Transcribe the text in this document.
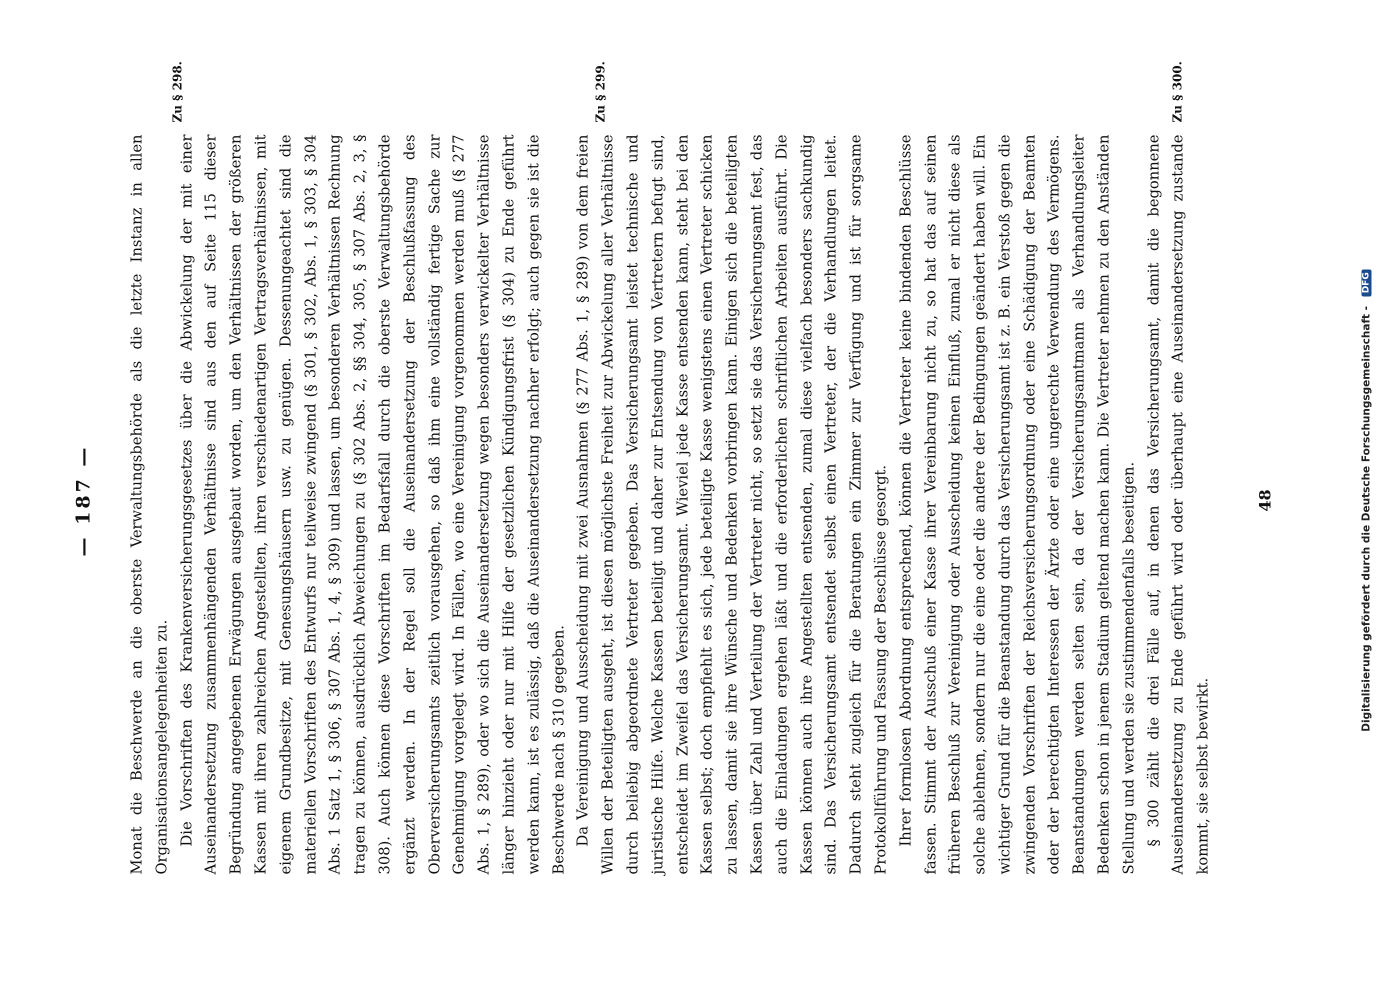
— 187 —
Zu § 298.	Zu § 299.	Zu § 300.

Monat die Beschwerde an die oberste Verwaltungsbehörde als die letzte Instanz in allen Organisationsangelegenheiten zu. Die Vorschriften des Krankenversicherungsgesetzes über die Abwickelung der mit einer Auseinandersetzung zusammenhängenden Verhältnisse sind aus den auf Seite 115 dieser Begründung angegebenen Erwägungen ausgebaut worden, um den Verhältnissen der größeren Kassen mit ihren zahlreichen Angestellten, ihren verschiedenartigen Vertragsverhältnissen, mit eigenem Grundbesitze, mit Genesungshäusern usw. zu genügen. Dessenungeachtet sind die materiellen Vorschriften des Entwurfs nur teilweise zwingend (§ 301, § 302, Abs. 1, § 303, § 304 Abs. 1 Satz 1, § 306, § 307 Abs. 1, 4, § 309) und lassen, um besonderen Verhältnissen Rechnung tragen zu können, ausdrücklich Abweichungen zu (§ 302 Abs. 2, §§ 304, 305, § 307 Abs. 2, 3, § 308). Auch können diese Vorschriften im Bedarfsfall durch die oberste Verwaltungsbehörde ergänzt werden. In der Regel soll die Auseinandersetzung der Beschlußfassung des Oberversicherungsamts zeitlich vorausgehen, so daß ihm eine vollständig fertige Sache zur Genehmigung vorgelegt wird. In Fällen, wo eine Vereinigung vorgenommen werden muß (§ 277 Abs. 1, § 289), oder wo sich die Auseinandersetzung wegen besonders verwickelter Verhältnisse länger hinzieht oder nur mit Hilfe der gesetzlichen Kündigungsfrist (§ 304) zu Ende geführt werden kann, ist es zulässig, daß die Auseinandersetzung nachher erfolgt; auch gegen sie ist die Beschwerde nach § 310 gegeben. Da Vereinigung und Ausscheidung mit zwei Ausnahmen (§ 277 Abs. 1, § 289) von dem freien Willen der Beteiligten ausgeht, ist diesen möglichste Freiheit zur Abwickelung aller Verhältnisse durch beliebig abgeordnete Vertreter gegeben. Das Versicherungsamt leistet technische und juristische Hilfe. Welche Kassen beteiligt und daher zur Entsendung von Vertretern befugt sind, entscheidet im Zweifel das Versicherungsamt. Wieviel jede Kasse entsenden kann, steht bei den Kassen selbst; doch empfiehlt es sich, jede beteiligte Kasse wenigstens einen Vertreter schicken zu lassen, damit sie ihre Wünsche und Bedenken vorbringen kann. Einigen sich die beteiligten Kassen über Zahl und Verteilung der Vertreter nicht, so setzt sie das Versicherungsamt fest, das auch die Einladungen ergehen läßt und die erforderlichen schriftlichen Arbeiten ausführt. Die Kassen können auch ihre Angestellten entsenden, zumal diese vielfach besonders sachkundig sind. Das Versicherungsamt entsendet selbst einen Vertreter, der die Verhandlungen leitet. Dadurch steht zugleich für die Beratungen ein Zimmer zur Verfügung und ist für sorgsame Protokollführung und Fassung der Beschlüsse gesorgt. Ihrer formlosen Abordnung entsprechend, können die Vertreter keine bindenden Beschlüsse fassen. Stimmt der Ausschuß einer Kasse ihrer Vereinbarung nicht zu, so hat das auf seinen früheren Beschluß zur Vereinigung oder Ausscheidung keinen Einfluß, zumal er nicht diese als solche ablehnen, sondern nur die eine oder die andere der Bedingungen geändert haben will. Ein wichtiger Grund für die Beanstandung durch das Versicherungsamt ist z. B. ein Verstoß gegen die zwingenden Vorschriften der Reichsversicherungsordnung oder eine Schädigung der Beamten oder der berechtigten Interessen der Ärzte oder eine ungerechte Verwendung des Vermögens. Beanstandungen werden selten sein, da der Versicherungsamtmann als Verhandlungsleiter Bedenken schon in jenem Stadium geltend machen kann. Die Vertreter nehmen zu den Anständen Stellung und werden sie zustimmendenfalls beseitigen. § 300 zählt die drei Fälle auf, in denen das Versicherungsamt, damit die begonnene Auseinandersetzung zu Ende geführt wird oder überhaupt eine Auseinandersetzung zustande kommt, sie selbst bewirkt.

48	Digitalisierung gefördert durch die Deutsche Forschungsgemeinschaft - DFG
